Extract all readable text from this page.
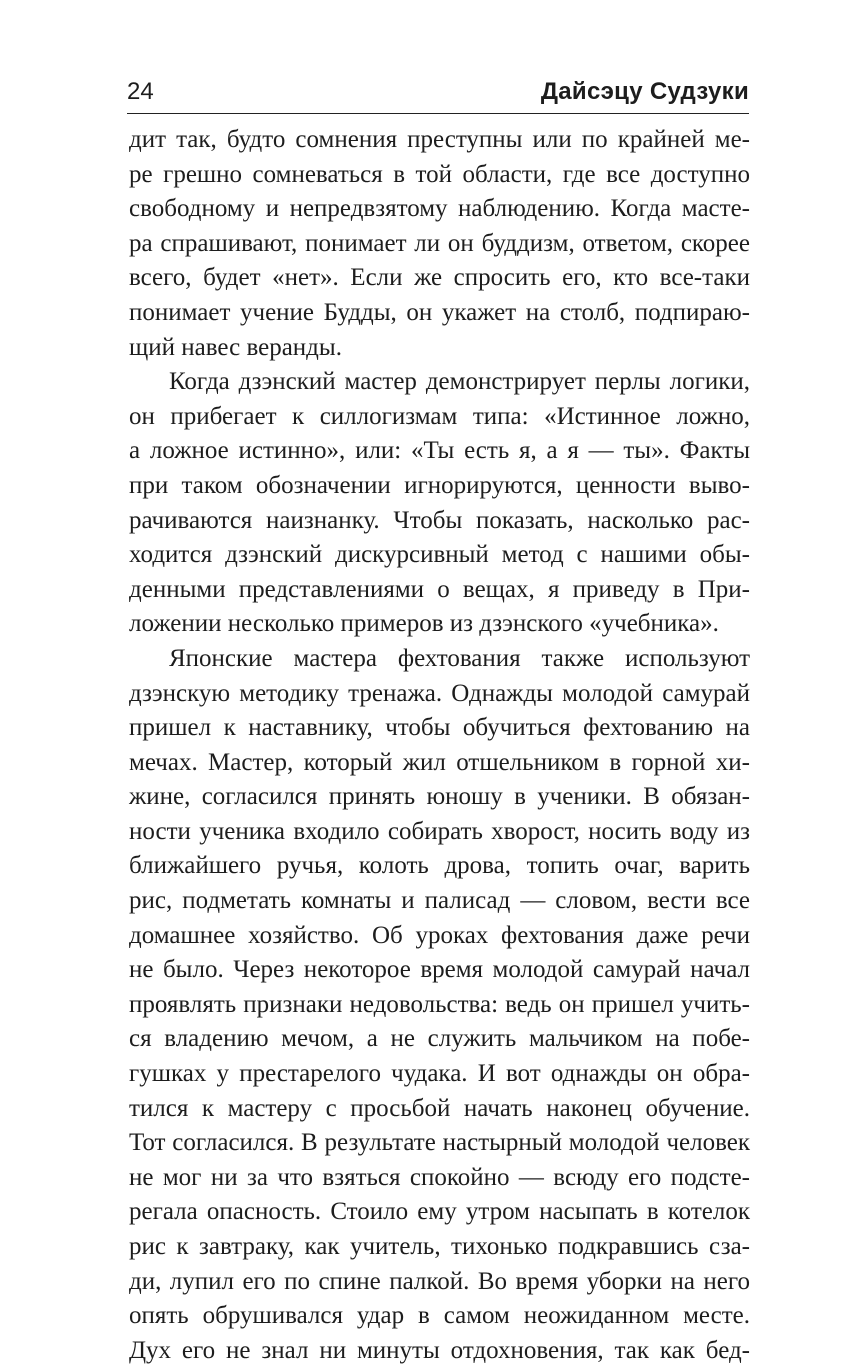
24	Дайсэцу Судзуки
дит так, будто сомнения преступны или по крайней ме-
ре грешно сомневаться в той области, где все доступно
свободному и непредвзятому наблюдению. Когда масте-
ра спрашивают, понимает ли он буддизм, ответом, скорее
всего, будет «нет». Если же спросить его, кто все-таки
понимает учение Будды, он укажет на столб, подпираю-
щий навес веранды.
Когда дзэнский мастер демонстрирует перлы логики,
он прибегает к силлогизмам типа: «Истинное ложно,
а ложное истинно», или: «Ты есть я, а я — ты». Факты
при таком обозначении игнорируются, ценности выво-
рачиваются наизнанку. Чтобы показать, насколько рас-
ходится дзэнский дискурсивный метод с нашими обы-
денными представлениями о вещах, я приведу в При-
ложении несколько примеров из дзэнского «учебника».
Японские мастера фехтования также используют
дзэнскую методику тренажа. Однажды молодой самурай
пришел к наставнику, чтобы обучиться фехтованию на
мечах. Мастер, который жил отшельником в горной хи-
жине, согласился принять юношу в ученики. В обязан-
ности ученика входило собирать хворост, носить воду из
ближайшего ручья, колоть дрова, топить очаг, варить
рис, подметать комнаты и палисад — словом, вести все
домашнее хозяйство. Об уроках фехтования даже речи
не было. Через некоторое время молодой самурай начал
проявлять признаки недовольства: ведь он пришел учить-
ся владению мечом, а не служить мальчиком на побе-
гушках у престарелого чудака. И вот однажды он обра-
тился к мастеру с просьбой начать наконец обучение.
Тот согласился. В результате настырный молодой человек
не мог ни за что взяться спокойно — всюду его подсте-
регала опасность. Стоило ему утром насыпать в котелок
рис к завтраку, как учитель, тихонько подкравшись сза-
ди, лупил его по спине палкой. Во время уборки на него
опять обрушивался удар в самом неожиданном месте.
Дух его не знал ни минуты отдохновения, так как бед-
